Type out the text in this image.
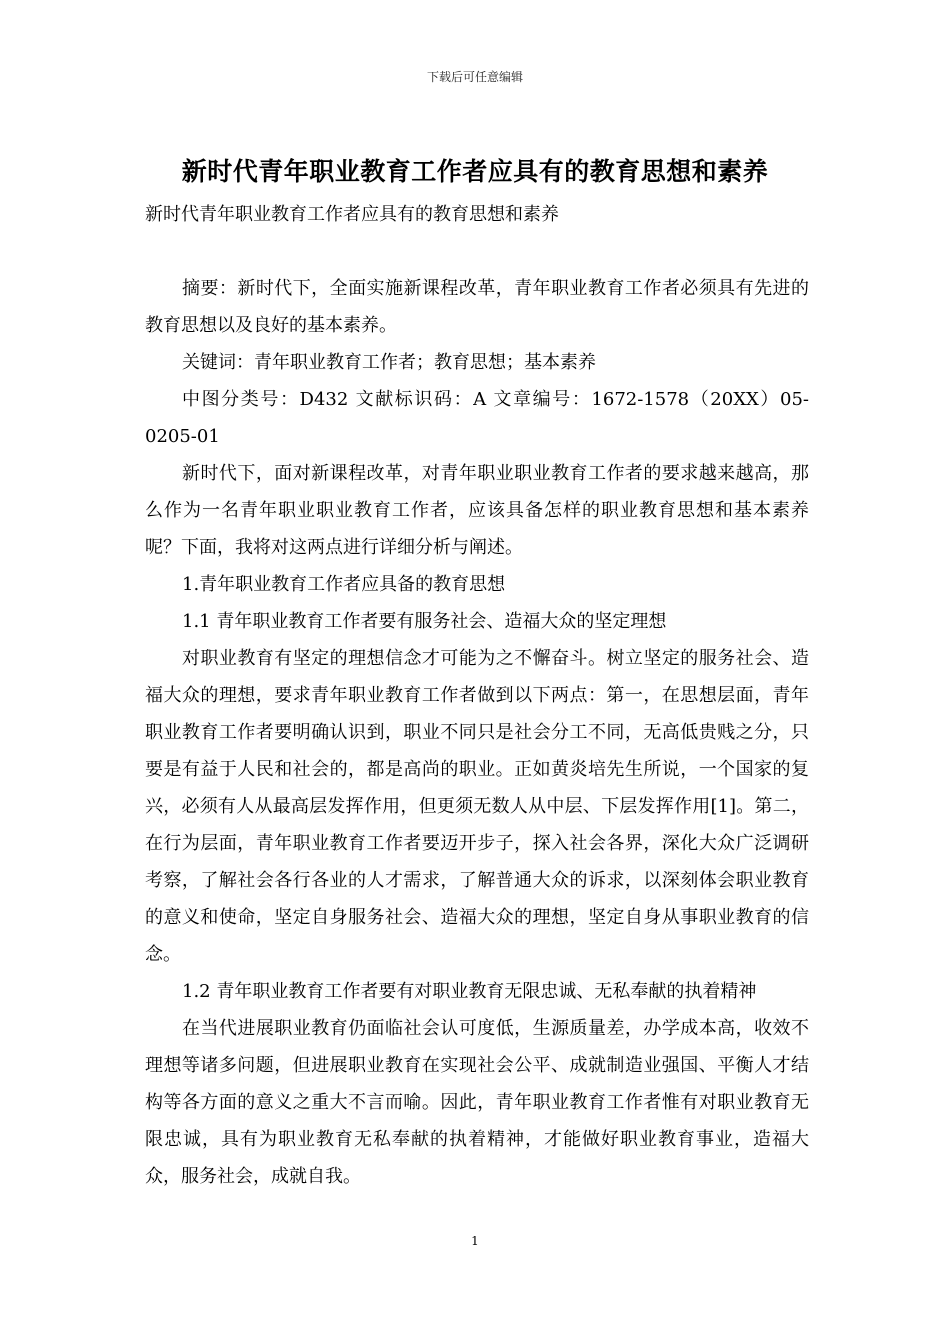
下载后可任意编辑
新时代青年职业教育工作者应具有的教育思想和素养
新时代青年职业教育工作者应具有的教育思想和素养

摘要：新时代下，全面实施新课程改革，青年职业教育工作者必须具有先进的教育思想以及良好的基本素养。

关键词：青年职业教育工作者；教育思想；基本素养

中图分类号：D432 文献标识码：A 文章编号：1672-1578（20XX）05-0205-01

新时代下，面对新课程改革，对青年职业职业教育工作者的要求越来越高，那么作为一名青年职业职业教育工作者，应该具备怎样的职业教育思想和基本素养呢？下面，我将对这两点进行详细分析与阐述。

1.青年职业教育工作者应具备的教育思想

1.1 青年职业教育工作者要有服务社会、造福大众的坚定理想

对职业教育有坚定的理想信念才可能为之不懈奋斗。树立坚定的服务社会、造福大众的理想，要求青年职业教育工作者做到以下两点：第一，在思想层面，青年职业教育工作者要明确认识到，职业不同只是社会分工不同，无高低贵贱之分，只要是有益于人民和社会的，都是高尚的职业。正如黄炎培先生所说，一个国家的复兴，必须有人从最高层发挥作用，但更须无数人从中层、下层发挥作用[1]。第二，在行为层面，青年职业教育工作者要迈开步子，探入社会各界，深化大众广泛调研考察，了解社会各行各业的人才需求，了解普通大众的诉求，以深刻体会职业教育的意义和使命，坚定自身服务社会、造福大众的理想，坚定自身从事职业教育的信念。

1.2 青年职业教育工作者要有对职业教育无限忠诚、无私奉献的执着精神

在当代进展职业教育仍面临社会认可度低，生源质量差，办学成本高，收效不理想等诸多问题，但进展职业教育在实现社会公平、成就制造业强国、平衡人才结构等各方面的意义之重大不言而喻。因此，青年职业教育工作者惟有对职业教育无限忠诚，具有为职业教育无私奉献的执着精神，才能做好职业教育事业，造福大众，服务社会，成就自我。

1
